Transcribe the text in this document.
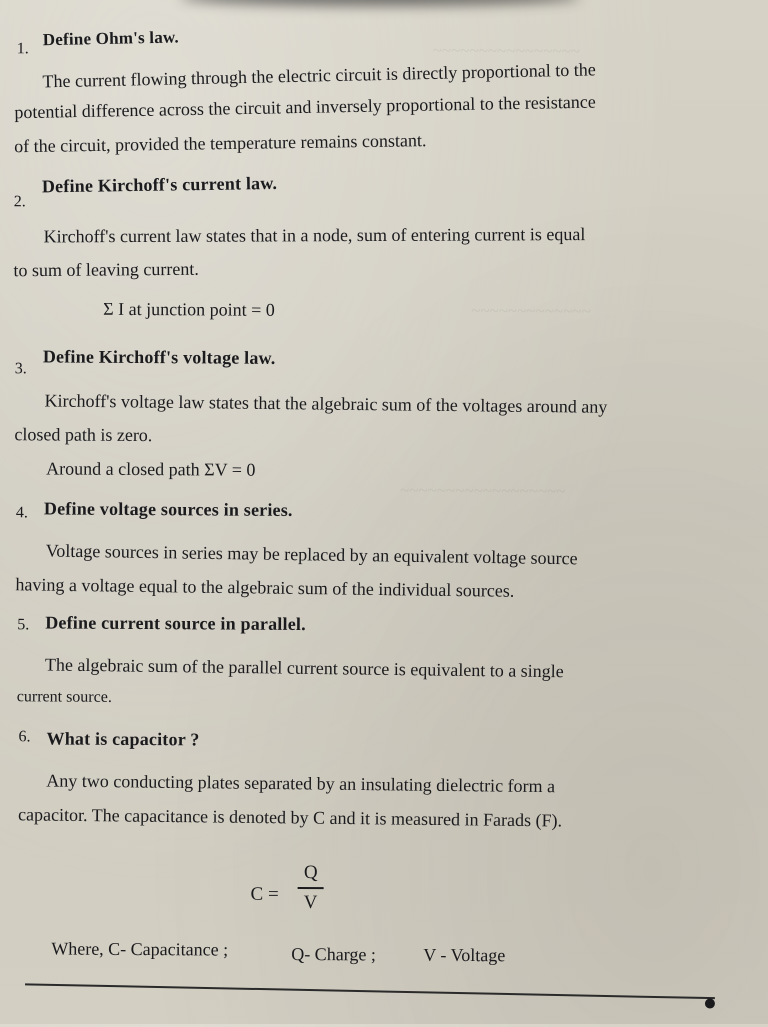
~~~~~~~~~~~~~~~~
~~~~~~~~~~~~~
~~~~~~~~~~~~~~~~~~
1. Define Ohm's law.
The current flowing through the electric circuit is directly proportional to the
potential difference across the circuit and inversely proportional to the resistance
of the circuit, provided the temperature remains constant.
2.
Define Kirchoff's current law.
Kirchoff's current law states that in a node, sum of entering current is equal
to sum of leaving current.
Σ I at junction point = 0
3.
Define Kirchoff's voltage law.
Kirchoff's voltage law states that the algebraic sum of the voltages around any
closed path is zero.
Around a closed path ΣV = 0
4. Define voltage sources in series.
Voltage sources in series may be replaced by an equivalent voltage source
having a voltage equal to the algebraic sum of the individual sources.
5. Define current source in parallel.
The algebraic sum of the parallel current source is equivalent to a single
current source.
6. What is capacitor ?
Any two conducting plates separated by an insulating dielectric form a
capacitor. The capacitance is denoted by C and it is measured in Farads (F).
C =
Q
V
Where, C- Capacitance ;	Q- Charge ;	V - Voltage
